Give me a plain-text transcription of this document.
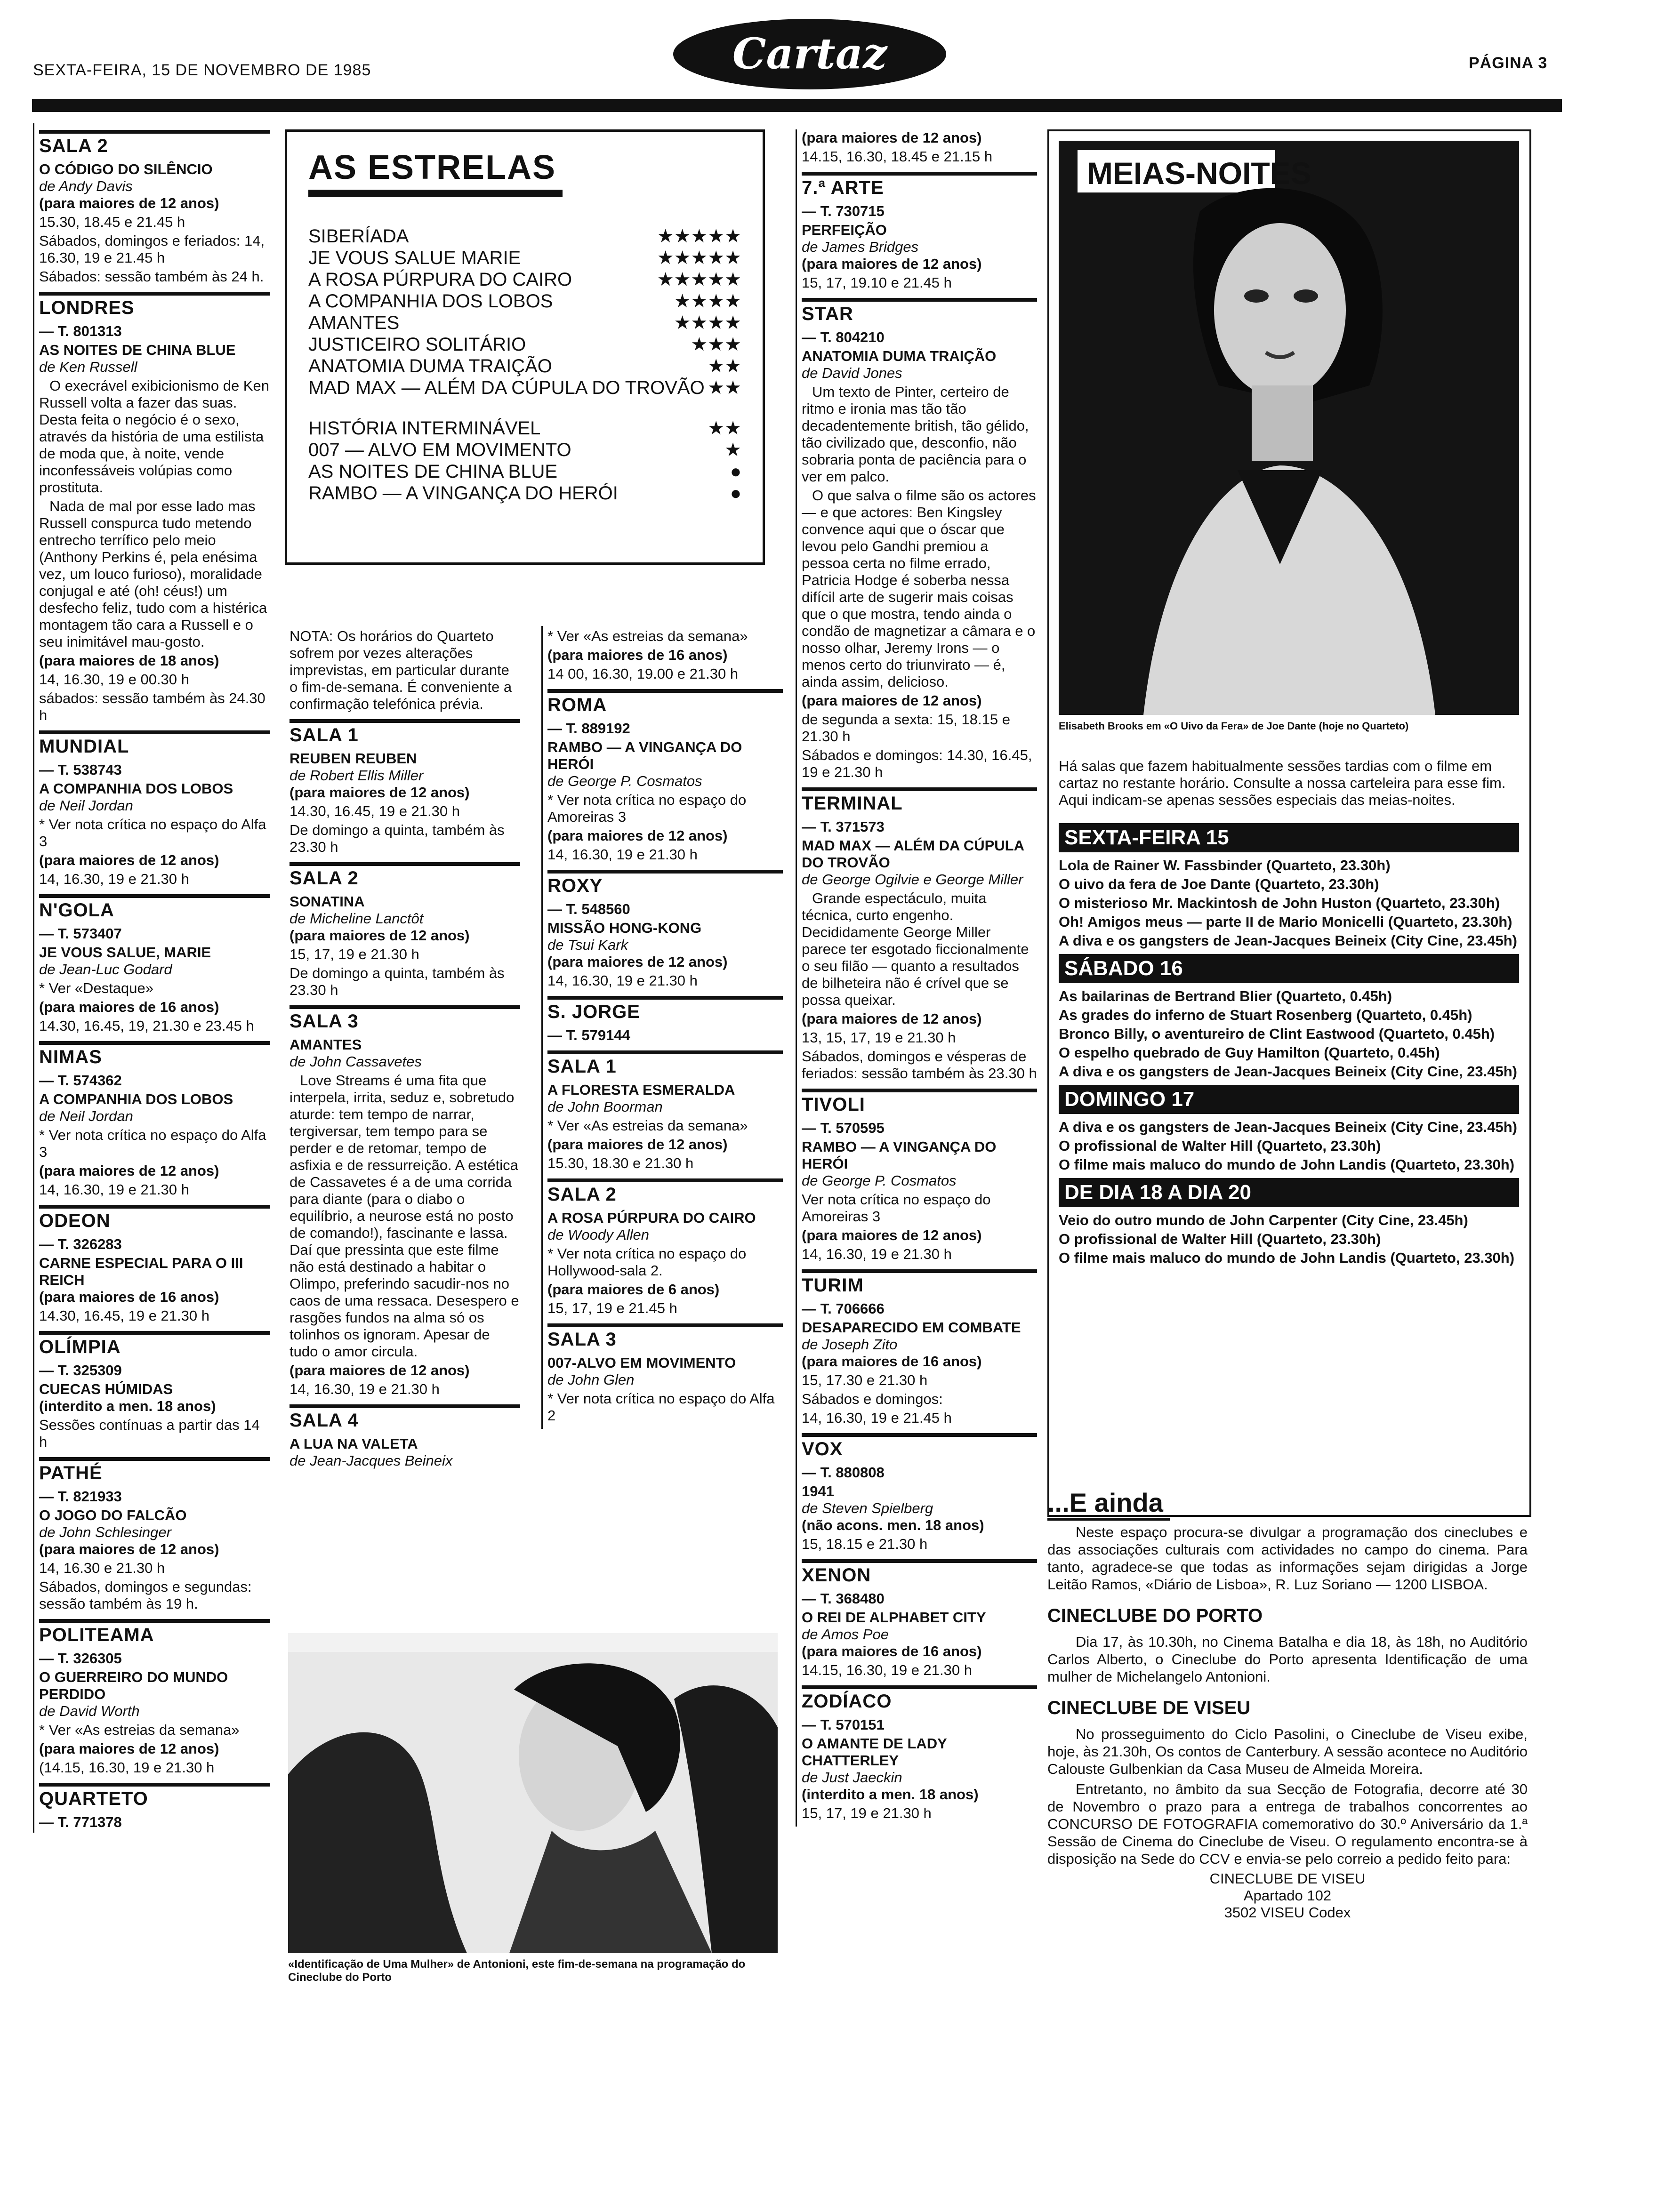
SEXTA-FEIRA, 15 DE NOVEMBRO DE 1985	PÁGINA 3
Cartaz
SALA 2
O CÓDIGO DO SILÊNCIO
de Andy Davis
(para maiores de 12 anos)
15.30, 18.45 e 21.45 h
Sábados, domingos e feriados: 14, 16.30, 19 e 21.45 h
Sábados: sessão também às 24 h.
LONDRES
— T. 801313
AS NOITES DE CHINA BLUE
de Ken Russell
O execrável exibicionismo de Ken Russell volta a fazer das suas. Desta feita o negócio é o sexo, através da história de uma estilista de moda que, à noite, vende inconfessáveis volúpias como prostituta.
Nada de mal por esse lado mas Russell conspurca tudo metendo entrecho terrífico pelo meio (Anthony Perkins é, pela enésima vez, um louco furioso), moralidade conjugal e até (oh! céus!) um desfecho feliz, tudo com a histérica montagem tão cara a Russell e o seu inimitável mau-gosto.
(para maiores de 18 anos)
14, 16.30, 19 e 00.30 h
sábados: sessão também às 24.30 h
MUNDIAL
— T. 538743
A COMPANHIA DOS LOBOS
de Neil Jordan
* Ver nota crítica no espaço do Alfa 3
(para maiores de 12 anos)
14, 16.30, 19 e 21.30 h
N'GOLA
— T. 573407
JE VOUS SALUE, MARIE
de Jean-Luc Godard
* Ver «Destaque»
(para maiores de 16 anos)
14.30, 16.45, 19, 21.30 e 23.45 h
NIMAS
— T. 574362
A COMPANHIA DOS LOBOS
de Neil Jordan
* Ver nota crítica no espaço do Alfa 3
(para maiores de 12 anos)
14, 16.30, 19 e 21.30 h
ODEON
— T. 326283
CARNE ESPECIAL PARA O III REICH
(para maiores de 16 anos)
14.30, 16.45, 19 e 21.30 h
OLÍMPIA
— T. 325309
CUECAS HÚMIDAS
(interdito a men. 18 anos)
Sessões contínuas a partir das 14 h
PATHÉ
— T. 821933
O JOGO DO FALCÃO
de John Schlesinger
(para maiores de 12 anos)
14, 16.30 e 21.30 h
Sábados, domingos e segundas: sessão também às 19 h.
POLITEAMA
— T. 326305
O GUERREIRO DO MUNDO PERDIDO
de David Worth
* Ver «As estreias da semana»
(para maiores de 12 anos)
(14.15, 16.30, 19 e 21.30 h
QUARTETO
— T. 771378
AS ESTRELAS
SIBERÍADA	★★★★★
JE VOUS SALUE MARIE	★★★★★
A ROSA PÚRPURA DO CAIRO	★★★★★
A COMPANHIA DOS LOBOS	★★★★
AMANTES	★★★★
JUSTICEIRO SOLITÁRIO	★★★
ANATOMIA DUMA TRAIÇÃO	★★
MAD MAX — ALÉM DA CÚPULA DO TROVÃO ★★
HISTÓRIA INTERMINÁVEL	★★
007 — ALVO EM MOVIMENTO	★
AS NOITES DE CHINA BLUE	●
RAMBO — A VINGANÇA DO HERÓI	●
NOTA: Os horários do Quarteto sofrem por vezes alterações imprevistas, em particular durante o fim-de-semana. É conveniente a confirmação telefónica prévia.
SALA 1
REUBEN REUBEN
de Robert Ellis Miller
(para maiores de 12 anos)
14.30, 16.45, 19 e 21.30 h
De domingo a quinta, também às 23.30 h
SALA 2
SONATINA
de Micheline Lanctôt
(para maiores de 12 anos)
15, 17, 19 e 21.30 h
De domingo a quinta, também às 23.30 h
SALA 3
AMANTES
de John Cassavetes
Love Streams é uma fita que interpela, irrita, seduz e, sobretudo aturde: tem tempo de narrar, tergiversar, tem tempo para se perder e de retomar, tempo de asfixia e de ressurreição. A estética de Cassavetes é a de uma corrida para diante (para o diabo o equilíbrio, a neurose está no posto de comando!), fascinante e lassa. Daí que pressinta que este filme não está destinado a habitar o Olimpo, preferindo sacudir-nos no caos de uma ressaca. Desespero e rasgões fundos na alma só os tolinhos os ignoram. Apesar de tudo o amor circula.
(para maiores de 12 anos)
14, 16.30, 19 e 21.30 h
SALA 4
A LUA NA VALETA
de Jean-Jacques Beineix
* Ver «As estreias da semana»
(para maiores de 16 anos)
14 00, 16.30, 19.00 e 21.30 h
ROMA
— T. 889192
RAMBO — A VINGANÇA DO HERÓI
de George P. Cosmatos
* Ver nota crítica no espaço do Amoreiras 3
(para maiores de 12 anos)
14, 16.30, 19 e 21.30 h
ROXY
— T. 548560
MISSÃO HONG-KONG
de Tsui Kark
(para maiores de 12 anos)
14, 16.30, 19 e 21.30 h
S. JORGE
— T. 579144
SALA 1
A FLORESTA ESMERALDA
de John Boorman
* Ver «As estreias da semana»
(para maiores de 12 anos)
15.30, 18.30 e 21.30 h
SALA 2
A ROSA PÚRPURA DO CAIRO
de Woody Allen
* Ver nota crítica no espaço do Hollywood-sala 2.
(para maiores de 6 anos)
15, 17, 19 e 21.45 h
SALA 3
007-ALVO EM MOVIMENTO
de John Glen
* Ver nota crítica no espaço do Alfa 2
«Identificação de Uma Mulher» de Antonioni, este fim-de-semana na programação do Cineclube do Porto
(para maiores de 12 anos)
14.15, 16.30, 18.45 e 21.15 h
7.ª ARTE
— T. 730715
PERFEIÇÃO
de James Bridges
(para maiores de 12 anos)
15, 17, 19.10 e 21.45 h
STAR
— T. 804210
ANATOMIA DUMA TRAIÇÃO
de David Jones
Um texto de Pinter, certeiro de ritmo e ironia mas tão tão decadentemente british, tão gélido, tão civilizado que, desconfio, não sobraria ponta de paciência para o ver em palco.
O que salva o filme são os actores — e que actores: Ben Kingsley convence aqui que o óscar que levou pelo Gandhi premiou a pessoa certa no filme errado, Patricia Hodge é soberba nessa difícil arte de sugerir mais coisas que o que mostra, tendo ainda o condão de magnetizar a câmara e o nosso olhar, Jeremy Irons — o menos certo do triunvirato — é, ainda assim, delicioso.
(para maiores de 12 anos)
de segunda a sexta: 15, 18.15 e 21.30 h
Sábados e domingos: 14.30, 16.45, 19 e 21.30 h
TERMINAL
— T. 371573
MAD MAX — ALÉM DA CÚPULA DO TROVÃO
de George Ogilvie e George Miller
Grande espectáculo, muita técnica, curto engenho. Decididamente George Miller parece ter esgotado ficcionalmente o seu filão — quanto a resultados de bilheteira não é crível que se possa queixar.
(para maiores de 12 anos)
13, 15, 17, 19 e 21.30 h
Sábados, domingos e vésperas de feriados: sessão também às 23.30 h
TIVOLI
— T. 570595
RAMBO — A VINGANÇA DO HERÓI
de George P. Cosmatos
Ver nota crítica no espaço do Amoreiras 3
(para maiores de 12 anos)
14, 16.30, 19 e 21.30 h
TURIM
— T. 706666
DESAPARECIDO EM COMBATE
de Joseph Zito
(para maiores de 16 anos)
15, 17.30 e 21.30 h
Sábados e domingos:
14, 16.30, 19 e 21.45 h
VOX
— T. 880808
1941
de Steven Spielberg
(não acons. men. 18 anos)
15, 18.15 e 21.30 h
XENON
— T. 368480
O REI DE ALPHABET CITY
de Amos Poe
(para maiores de 16 anos)
14.15, 16.30, 19 e 21.30 h
ZODÍACO
— T. 570151
O AMANTE DE LADY CHATTERLEY
de Just Jaeckin
(interdito a men. 18 anos)
15, 17, 19 e 21.30 h
MEIAS-NOITES
Elisabeth Brooks em «O Uivo da Fera» de Joe Dante (hoje no Quarteto)

Há salas que fazem habitualmente sessões tardias com o filme em cartaz no restante horário. Consulte a nossa carteleira para esse fim. Aqui indicam-se apenas sessões especiais das meias-noites.

SEXTA-FEIRA 15

Lola de Rainer W. Fassbinder (Quarteto, 23.30h)

O uivo da fera de Joe Dante (Quarteto, 23.30h)

O misterioso Mr. Mackintosh de John Huston (Quarteto, 23.30h)

Oh! Amigos meus — parte II de Mario Monicelli (Quarteto, 23.30h)

A diva e os gangsters de Jean-Jacques Beineix (City Cine, 23.45h)

SÁBADO 16

As bailarinas de Bertrand Blier (Quarteto, 0.45h)

As grades do inferno de Stuart Rosenberg (Quarteto, 0.45h)

Bronco Billy, o aventureiro de Clint Eastwood (Quarteto, 0.45h)

O espelho quebrado de Guy Hamilton (Quarteto, 0.45h)

A diva e os gangsters de Jean-Jacques Beineix (City Cine, 23.45h)

DOMINGO 17

A diva e os gangsters de Jean-Jacques Beineix (City Cine, 23.45h)

O profissional de Walter Hill (Quarteto, 23.30h)

O filme mais maluco do mundo de John Landis (Quarteto, 23.30h)

DE DIA 18 A DIA 20

Veio do outro mundo de John Carpenter (City Cine, 23.45h)

O profissional de Walter Hill (Quarteto, 23.30h)

O filme mais maluco do mundo de John Landis (Quarteto, 23.30h)

...E ainda

Neste espaço procura-se divulgar a programação dos cineclubes e das associações culturais com actividades no campo do cinema. Para tanto, agradece-se que todas as informações sejam dirigidas a Jorge Leitão Ramos, «Diário de Lisboa», R. Luz Soriano — 1200 LISBOA.

CINECLUBE DO PORTO

Dia 17, às 10.30h, no Cinema Batalha e dia 18, às 18h, no Auditório Carlos Alberto, o Cineclube do Porto apresenta Identificação de uma mulher de Michelangelo Antonioni.

CINECLUBE DE VISEU

No prosseguimento do Ciclo Pasolini, o Cineclube de Viseu exibe, hoje, às 21.30h, Os contos de Canterbury. A sessão acontece no Auditório Calouste Gulbenkian da Casa Museu de Almeida Moreira.

Entretanto, no âmbito da sua Secção de Fotografia, decorre até 30 de Novembro o prazo para a entrega de trabalhos concorrentes ao CONCURSO DE FOTOGRAFIA comemorativo do 30.º Aniversário da 1.ª Sessão de Cinema do Cineclube de Viseu. O regulamento encontra-se à disposição na Sede do CCV e envia-se pelo correio a pedido feito para:

CINECLUBE DE VISEU
Apartado 102
3502 VISEU Codex
